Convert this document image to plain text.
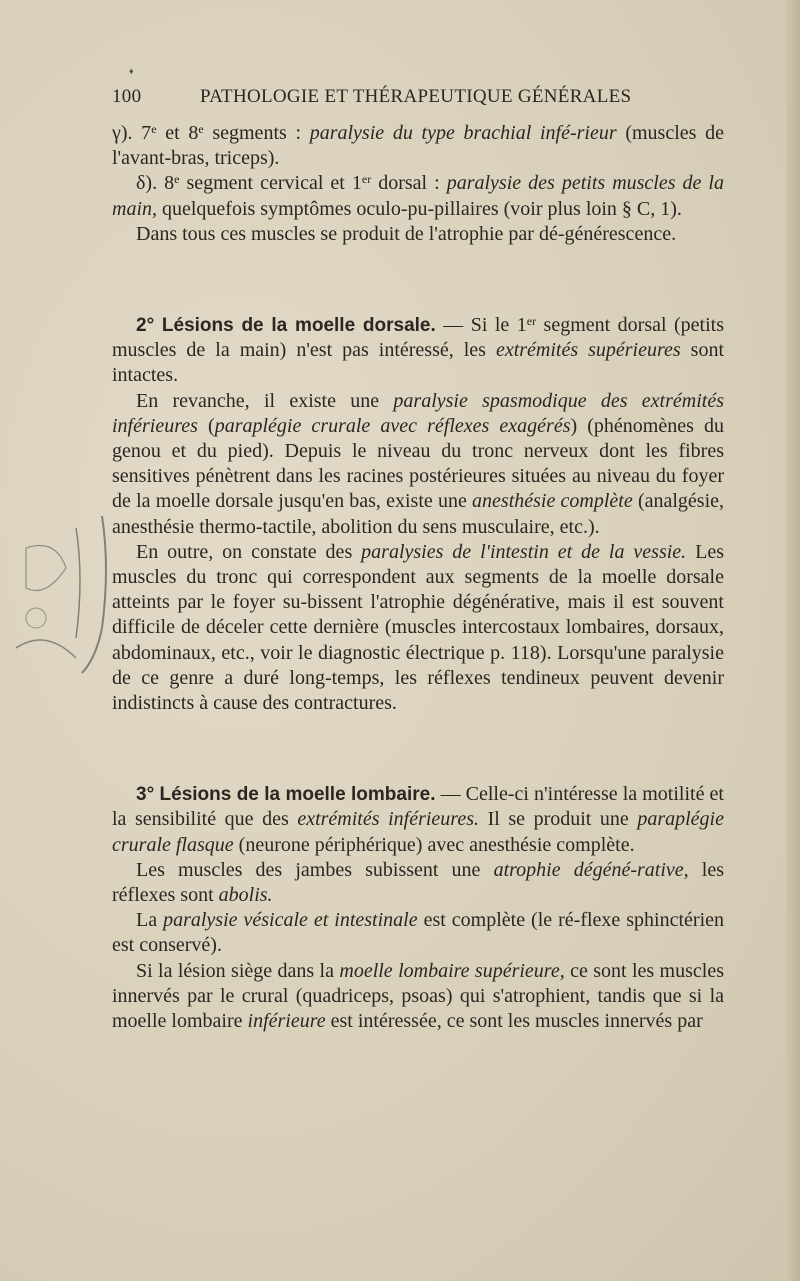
♦
100	PATHOLOGIE ET THÉRAPEUTIQUE GÉNÉRALES

γ). 7e et 8e segments : paralysie du type brachial infé-rieur (muscles de l'avant-bras, triceps).

δ). 8e segment cervical et 1er dorsal : paralysie des petits muscles de la main, quelquefois symptômes oculo-pu-pillaires (voir plus loin § C, 1).

Dans tous ces muscles se produit de l'atrophie par dé-générescence.

2° Lésions de la moelle dorsale. — Si le 1er segment dorsal (petits muscles de la main) n'est pas intéressé, les extrémités supérieures sont intactes.

En revanche, il existe une paralysie spasmodique des extrémités inférieures (paraplégie crurale avec réflexes exagérés) (phénomènes du genou et du pied). Depuis le niveau du tronc nerveux dont les fibres sensitives pénètrent dans les racines postérieures situées au niveau du foyer de la moelle dorsale jusqu'en bas, existe une anesthésie complète (analgésie, anesthésie thermo-tactile, abolition du sens musculaire, etc.).

En outre, on constate des paralysies de l'intestin et de la vessie. Les muscles du tronc qui correspondent aux segments de la moelle dorsale atteints par le foyer su-bissent l'atrophie dégénérative, mais il est souvent difficile de déceler cette dernière (muscles intercostaux lombaires, dorsaux, abdominaux, etc., voir le diagnostic électrique p. 118). Lorsqu'une paralysie de ce genre a duré long-temps, les réflexes tendineux peuvent devenir indistincts à cause des contractures.

3° Lésions de la moelle lombaire. — Celle-ci n'intéresse la motilité et la sensibilité que des extrémités inférieures. Il se produit une paraplégie crurale flasque (neurone périphérique) avec anesthésie complète.

Les muscles des jambes subissent une atrophie dégéné-rative, les réflexes sont abolis.

La paralysie vésicale et intestinale est complète (le ré-flexe sphinctérien est conservé).

Si la lésion siège dans la moelle lombaire supérieure, ce sont les muscles innervés par le crural (quadriceps, psoas) qui s'atrophient, tandis que si la moelle lombaire inférieure est intéressée, ce sont les muscles innervés par
